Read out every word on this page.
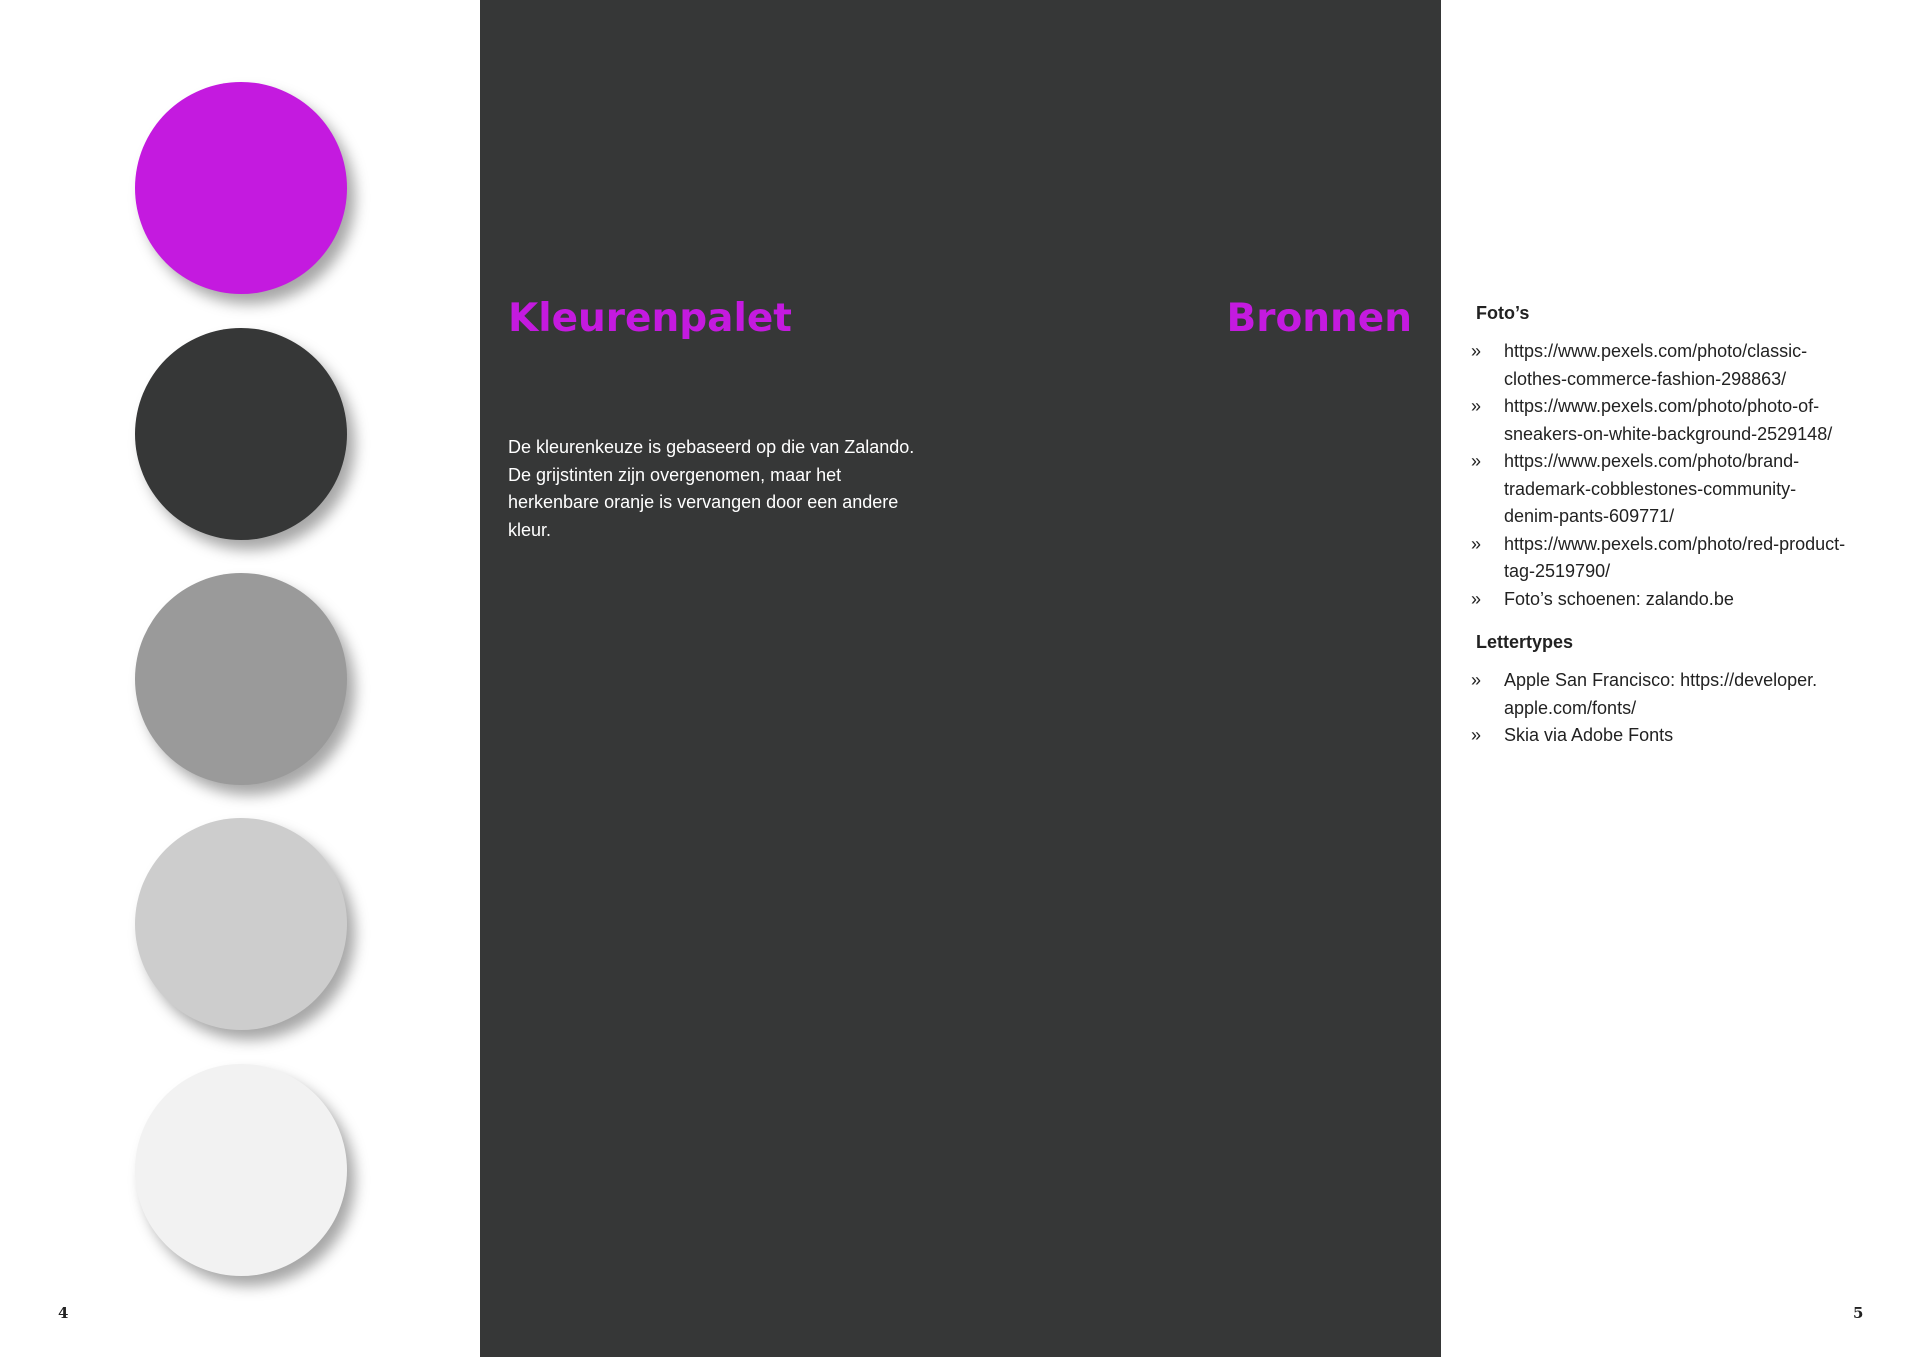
4
Kleurenpalet	Bronnen
De kleurenkeuze is gebaseerd op die van Zalando. De grijstinten zijn overgenomen, maar het herkenbare oranje is vervangen door een andere kleur.
Foto’s
» https://www.pexels.com/photo/classic-
clothes-commerce-fashion-298863/
» https://www.pexels.com/photo/photo-of-
sneakers-on-white-background-2529148/
» https://www.pexels.com/photo/brand-
trademark-cobblestones-community-
denim-pants-609771/
» https://www.pexels.com/photo/red-product-
tag-2519790/
» Foto’s schoenen: zalando.be
Lettertypes
» Apple San Francisco: https://developer.
apple.com/fonts/
» Skia via Adobe Fonts
5
